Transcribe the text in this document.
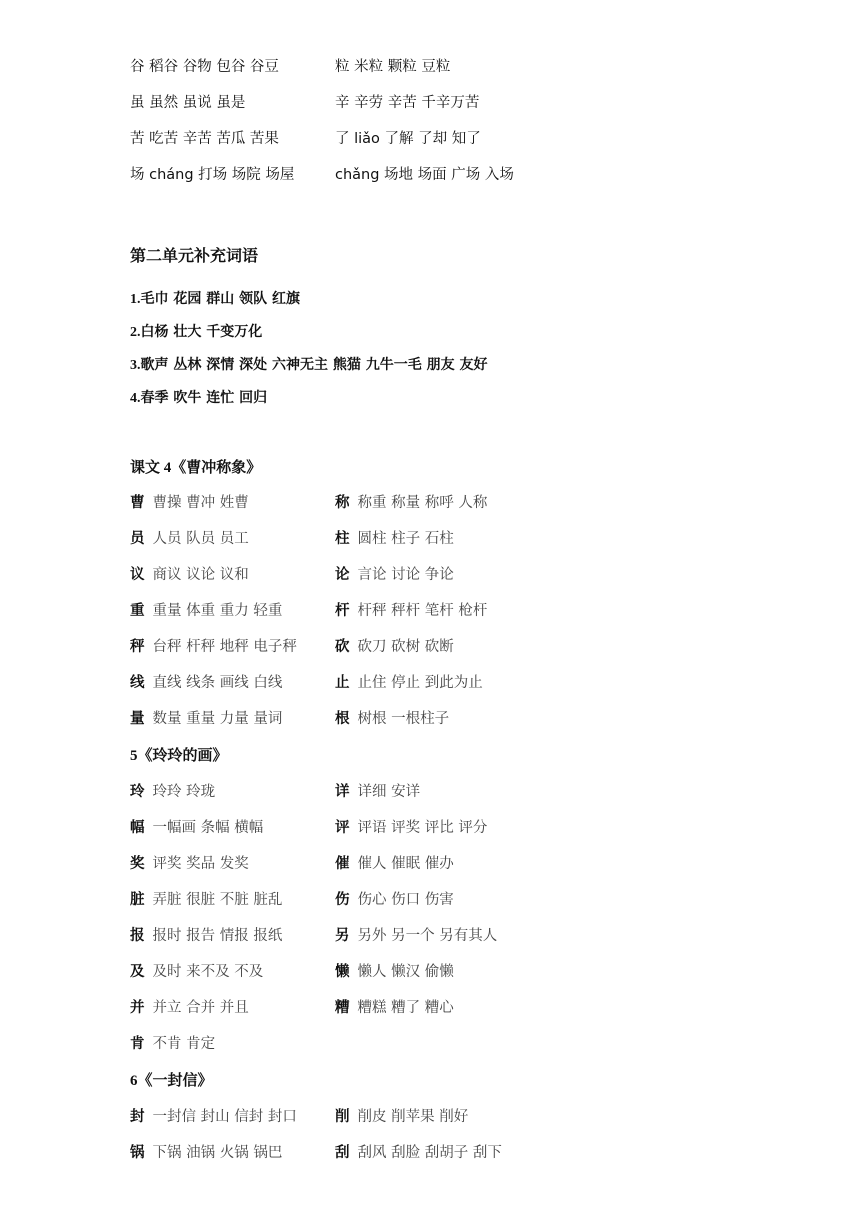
谷 稻谷 谷物 包谷 谷豆	粒 米粒 颗粒 豆粒
虽 虽然 虽说 虽是	辛 辛劳 辛苦 千辛万苦
苦 吃苦 辛苦 苦瓜 苦果	了 liǎo 了解 了却 知了
场 cháng 打场 场院 场屋	chǎng 场地 场面 广场 入场
第二单元补充词语
1.毛巾 花园 群山 领队 红旗
2.白杨 壮大 千变万化
3.歌声 丛林 深情 深处 六神无主 熊猫 九牛一毛 朋友 友好
4.春季 吹牛 连忙 回归
课文 4《曹冲称象》
曹 曹操 曹冲 姓曹	称 称重 称量 称呼 人称
员 人员 队员 员工	柱 圆柱 柱子 石柱
议 商议 议论 议和	论 言论 讨论 争论
重 重量 体重 重力 轻重	杆 杆秤 秤杆 笔杆 枪杆
秤 台秤 杆秤 地秤 电子秤	砍 砍刀 砍树 砍断
线 直线 线条 画线 白线	止 止住 停止 到此为止
量 数量 重量 力量 量词	根 树根 一根柱子
5《玲玲的画》
玲 玲玲 玲珑	详 详细 安详
幅 一幅画 条幅 横幅	评 评语 评奖 评比 评分
奖 评奖 奖品 发奖	催 催人 催眠 催办
脏 弄脏 很脏 不脏 脏乱	伤 伤心 伤口 伤害
报 报时 报告 情报 报纸	另 另外 另一个 另有其人
及 及时 来不及 不及	懒 懒人 懒汉 偷懒
并 并立 合并 并且	糟 糟糕 糟了 糟心
肯 不肯 肯定
6《一封信》
封 一封信 封山 信封 封口	削 削皮 削苹果 削好
锅 下锅 油锅 火锅 锅巴	刮 刮风 刮脸 刮胡子 刮下
